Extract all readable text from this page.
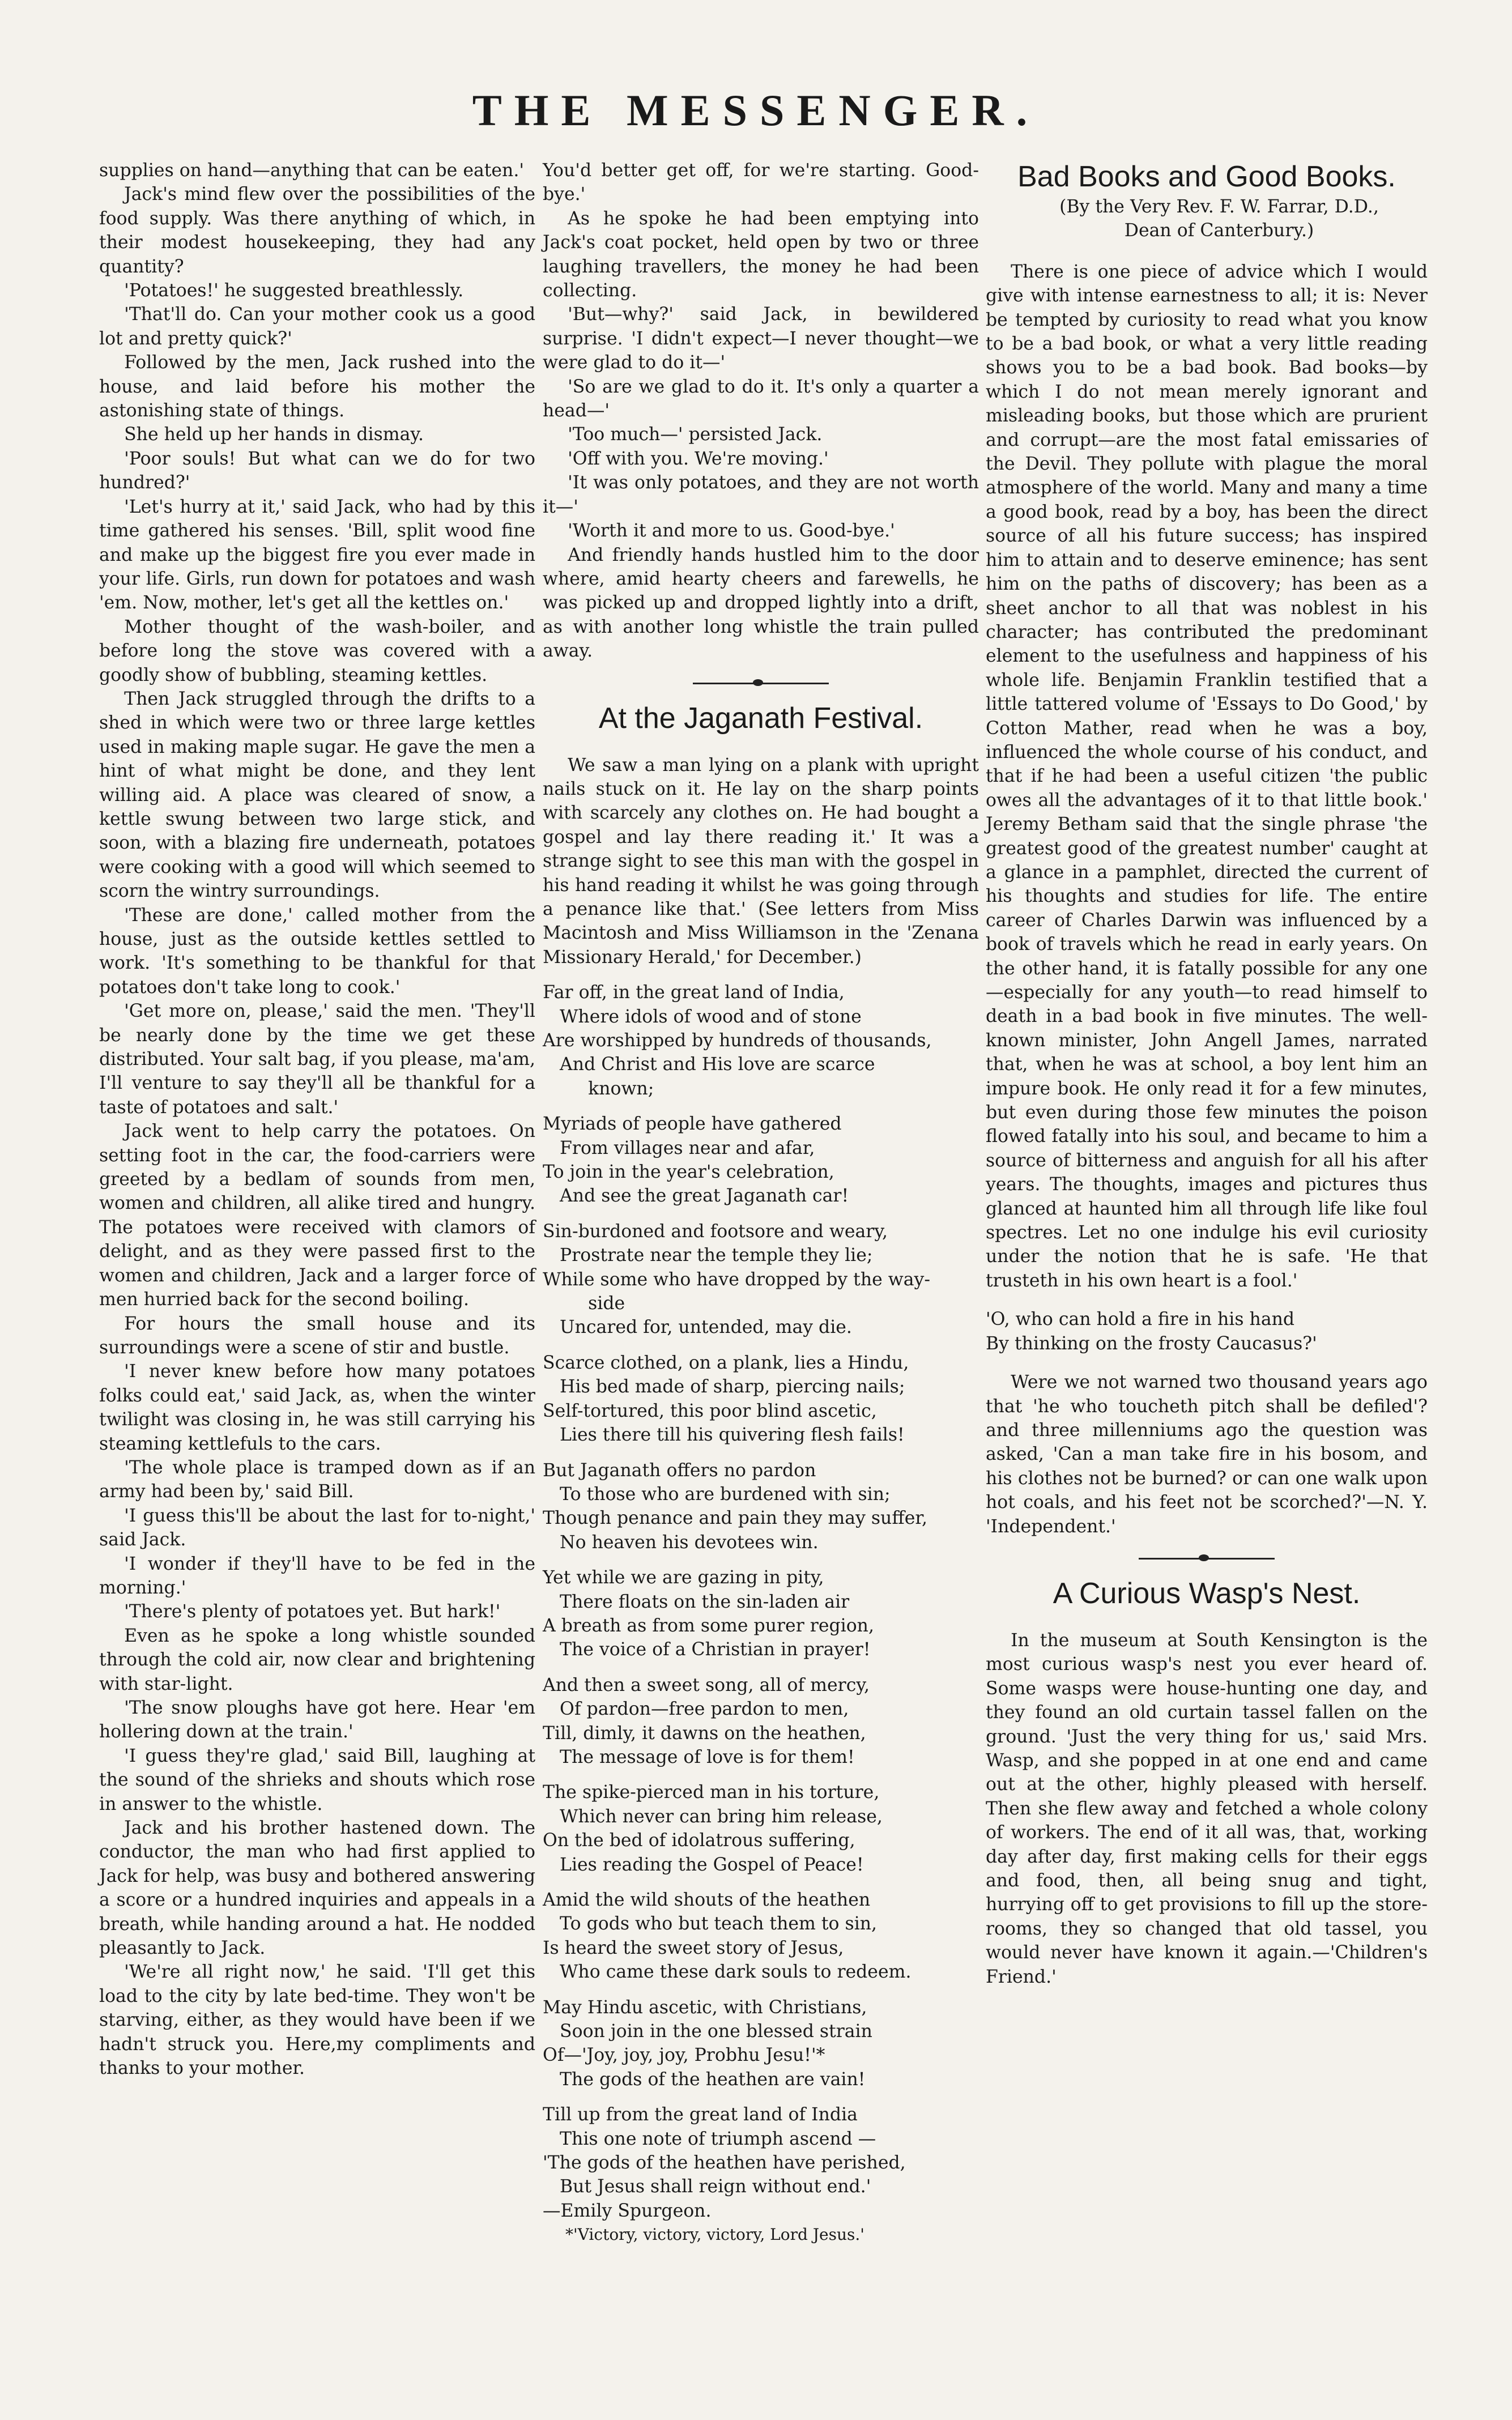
THE MESSENGER.

supplies on hand—anything that can be eaten.'

Jack's mind flew over the possibilities of the food supply. Was there anything of which, in their modest housekeeping, they had any quantity?

'Potatoes!' he suggested breathlessly.

'That'll do. Can your mother cook us a good lot and pretty quick?'

Followed by the men, Jack rushed into the house, and laid before his mother the astonishing state of things.

She held up her hands in dismay.

'Poor souls! But what can we do for two hundred?'

'Let's hurry at it,' said Jack, who had by this time gathered his senses. 'Bill, split wood fine and make up the biggest fire you ever made in your life. Girls, run down for potatoes and wash 'em. Now, mother, let's get all the kettles on.'

Mother thought of the wash-boiler, and before long the stove was covered with a goodly show of bubbling, steaming kettles.

Then Jack struggled through the drifts to a shed in which were two or three large kettles used in making maple sugar. He gave the men a hint of what might be done, and they lent willing aid. A place was cleared of snow, a kettle swung between two large stick, and soon, with a blazing fire underneath, potatoes were cooking with a good will which seemed to scorn the wintry surroundings.

'These are done,' called mother from the house, just as the outside kettles settled to work. 'It's something to be thankful for that potatoes don't take long to cook.'

'Get more on, please,' said the men. 'They'll be nearly done by the time we get these distributed. Your salt bag, if you please, ma'am, I'll venture to say they'll all be thankful for a taste of potatoes and salt.'

Jack went to help carry the potatoes. On setting foot in the car, the food-carriers were greeted by a bedlam of sounds from men, women and children, all alike tired and hungry. The potatoes were received with clamors of delight, and as they were passed first to the women and children, Jack and a larger force of men hurried back for the second boiling.

For hours the small house and its surroundings were a scene of stir and bustle.

'I never knew before how many potatoes folks could eat,' said Jack, as, when the winter twilight was closing in, he was still carrying his steaming kettlefuls to the cars.

'The whole place is tramped down as if an army had been by,' said Bill.

'I guess this'll be about the last for to-night,' said Jack.

'I wonder if they'll have to be fed in the morning.'

'There's plenty of potatoes yet. But hark!'

Even as he spoke a long whistle sounded through the cold air, now clear and brightening with star-light.

'The snow ploughs have got here. Hear 'em hollering down at the train.'

'I guess they're glad,' said Bill, laughing at the sound of the shrieks and shouts which rose in answer to the whistle.

Jack and his brother hastened down. The conductor, the man who had first applied to Jack for help, was busy and bothered answering a score or a hundred inquiries and appeals in a breath, while handing around a hat. He nodded pleasantly to Jack.

'We're all right now,' he said. 'I'll get this load to the city by late bed-time. They won't be starving, either, as they would have been if we hadn't struck you. Here,my compliments and thanks to your mother.

You'd better get off, for we're starting. Good-bye.'

As he spoke he had been emptying into Jack's coat pocket, held open by two or three laughing travellers, the money he had been collecting.

'But—why?' said Jack, in bewildered surprise. 'I didn't expect—I never thought—we were glad to do it—'

'So are we glad to do it. It's only a quarter a head—'

'Too much—' persisted Jack.

'Off with you. We're moving.'

'It was only potatoes, and they are not worth it—'

'Worth it and more to us. Good-bye.'

And friendly hands hustled him to the door where, amid hearty cheers and farewells, he was picked up and dropped lightly into a drift, as with another long whistle the train pulled away.

At the Jaganath Festival.

We saw a man lying on a plank with upright nails stuck on it. He lay on the sharp points with scarcely any clothes on. He had bought a gospel and lay there reading it.' It was a strange sight to see this man with the gospel in his hand reading it whilst he was going through a penance like that.' (See letters from Miss Macintosh and Miss Williamson in the 'Zenana Missionary Herald,' for December.)

Far off, in the great land of India,
Where idols of wood and of stone
Are worshipped by hundreds of thousands,
And Christ and His love are scarce
known;
Myriads of people have gathered
From villages near and afar,
To join in the year's celebration,
And see the great Jaganath car!
Sin-burdoned and footsore and weary,
Prostrate near the temple they lie;
While some who have dropped by the way-
side
Uncared for, untended, may die.
Scarce clothed, on a plank, lies a Hindu,
His bed made of sharp, piercing nails;
Self-tortured, this poor blind ascetic,
Lies there till his quivering flesh fails!
But Jaganath offers no pardon
To those who are burdened with sin;
Though penance and pain they may suffer,
No heaven his devotees win.
Yet while we are gazing in pity,
There floats on the sin-laden air
A breath as from some purer region,
The voice of a Christian in prayer!
And then a sweet song, all of mercy,
Of pardon—free pardon to men,
Till, dimly, it dawns on the heathen,
The message of love is for them!
The spike-pierced man in his torture,
Which never can bring him release,
On the bed of idolatrous suffering,
Lies reading the Gospel of Peace!
Amid the wild shouts of the heathen
To gods who but teach them to sin,
Is heard the sweet story of Jesus,
Who came these dark souls to redeem.
May Hindu ascetic, with Christians,
Soon join in the one blessed strain
Of—'Joy, joy, joy, Probhu Jesu!'*
The gods of the heathen are vain!
Till up from the great land of India
This one note of triumph ascend —
'The gods of the heathen have perished,
But Jesus shall reign without end.'
—Emily Spurgeon.

*'Victory, victory, victory, Lord Jesus.'

Bad Books and Good Books.

(By the Very Rev. F. W. Farrar, D.D.,

Dean of Canterbury.)

There is one piece of advice which I would give with intense earnestness to all; it is: Never be tempted by curiosity to read what you know to be a bad book, or what a very little reading shows you to be a bad book. Bad books—by which I do not mean merely ignorant and misleading books, but those which are prurient and corrupt—are the most fatal emissaries of the Devil. They pollute with plague the moral atmosphere of the world. Many and many a time a good book, read by a boy, has been the direct source of all his future success; has inspired him to attain and to deserve eminence; has sent him on the paths of discovery; has been as a sheet anchor to all that was noblest in his character; has contributed the predominant element to the usefulness and happiness of his whole life. Benjamin Franklin testified that a little tattered volume of 'Essays to Do Good,' by Cotton Mather, read when he was a boy, influenced the whole course of his conduct, and that if he had been a useful citizen 'the public owes all the advantages of it to that little book.' Jeremy Betham said that the single phrase 'the greatest good of the greatest number' caught at a glance in a pamphlet, directed the current of his thoughts and studies for life. The entire career of Charles Darwin was influenced by a book of travels which he read in early years. On the other hand, it is fatally possible for any one—especially for any youth—to read himself to death in a bad book in five minutes. The well-known minister, John Angell James, narrated that, when he was at school, a boy lent him an impure book. He only read it for a few minutes, but even during those few minutes the poison flowed fatally into his soul, and became to him a source of bitterness and anguish for all his after years. The thoughts, images and pictures thus glanced at haunted him all through life like foul spectres. Let no one indulge his evil curiosity under the notion that he is safe. 'He that trusteth in his own heart is a fool.'

'O, who can hold a fire in his hand
By thinking on the frosty Caucasus?'

Were we not warned two thousand years ago that 'he who toucheth pitch shall be defiled'? and three millenniums ago the question was asked, 'Can a man take fire in his bosom, and his clothes not be burned? or can one walk upon hot coals, and his feet not be scorched?'—N. Y. 'Independent.'

A Curious Wasp's Nest.

In the museum at South Kensington is the most curious wasp's nest you ever heard of. Some wasps were house-hunting one day, and they found an old curtain tassel fallen on the ground. 'Just the very thing for us,' said Mrs. Wasp, and she popped in at one end and came out at the other, highly pleased with herself. Then she flew away and fetched a whole colony of workers. The end of it all was, that, working day after day, first making cells for their eggs and food, then, all being snug and tight, hurrying off to get provisions to fill up the store-rooms, they so changed that old tassel, you would never have known it again.—'Children's Friend.'
